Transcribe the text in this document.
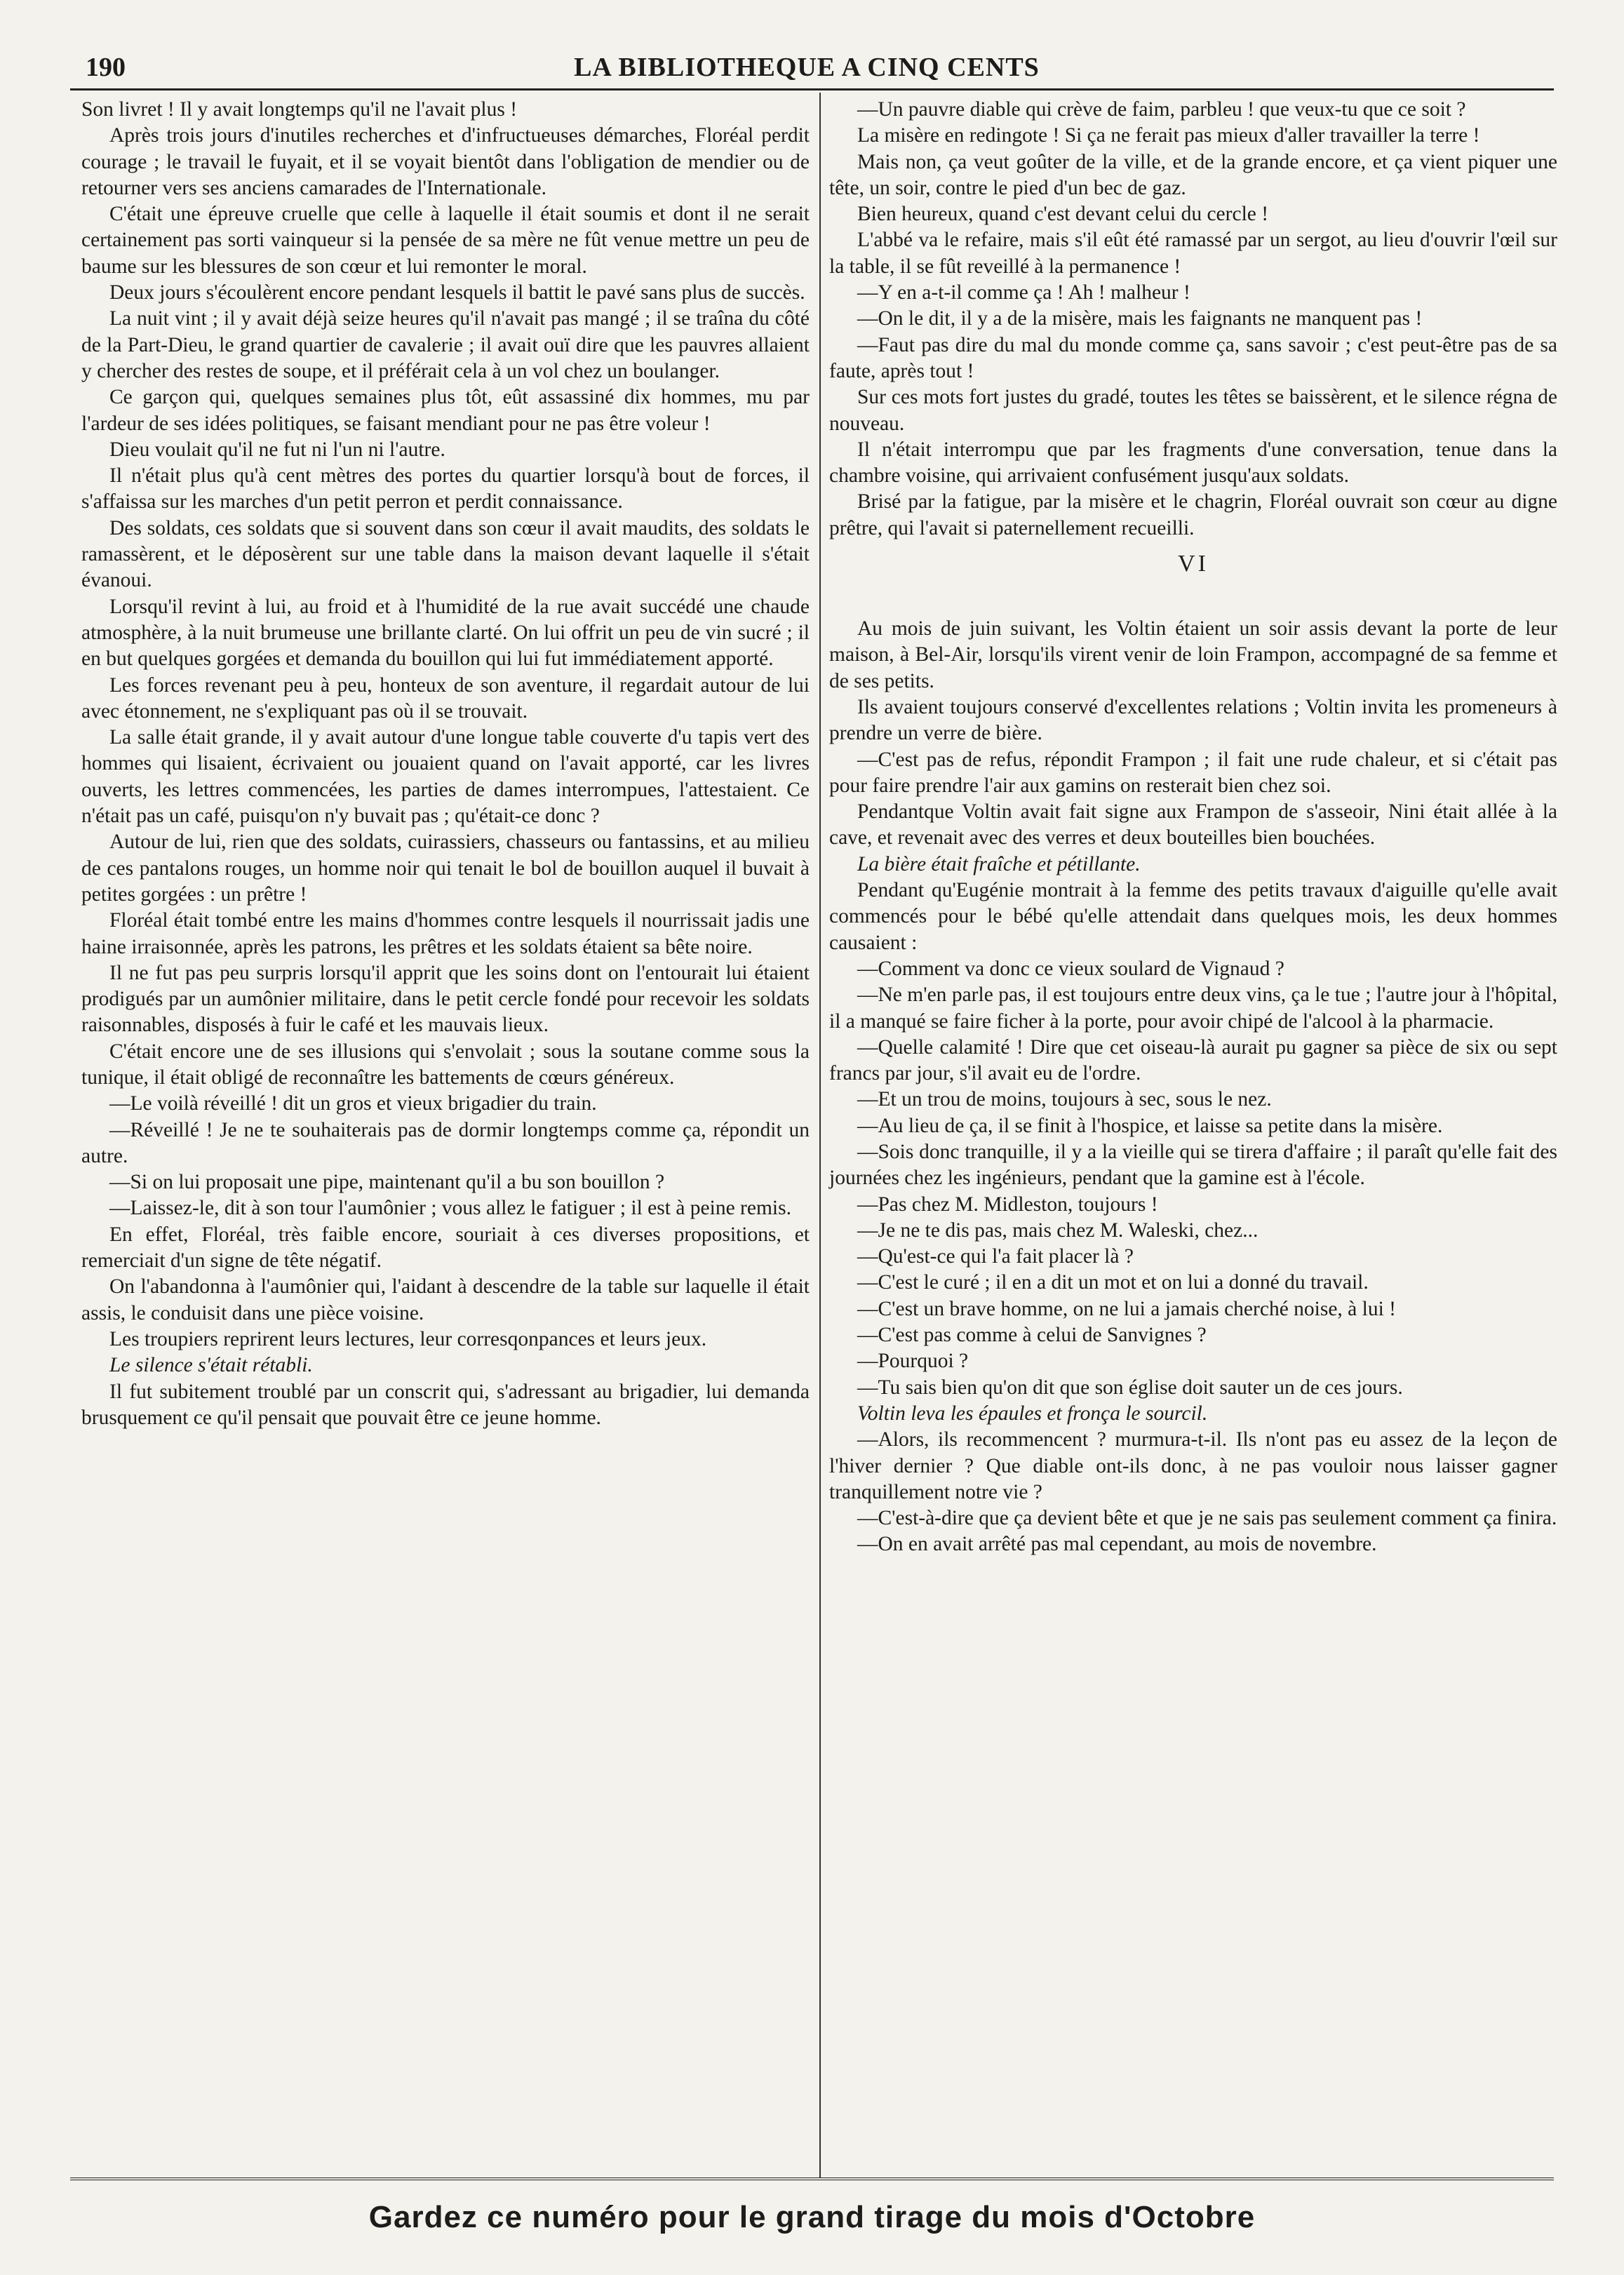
190	LA BIBLIOTHEQUE A CINQ CENTS

Son livret ! Il y avait longtemps qu'il ne l'avait plus !

Après trois jours d'inutiles recherches et d'infructueuses démarches, Floréal perdit courage ; le travail le fuyait, et il se voyait bientôt dans l'obligation de mendier ou de retourner vers ses anciens camarades de l'Internationale.

C'était une épreuve cruelle que celle à laquelle il était soumis et dont il ne serait certainement pas sorti vainqueur si la pensée de sa mère ne fût venue mettre un peu de baume sur les blessures de son cœur et lui remonter le moral.

Deux jours s'écoulèrent encore pendant lesquels il battit le pavé sans plus de succès.

La nuit vint ; il y avait déjà seize heures qu'il n'avait pas mangé ; il se traîna du côté de la Part-Dieu, le grand quartier de cavalerie ; il avait ouï dire que les pauvres allaient y chercher des restes de soupe, et il préférait cela à un vol chez un boulanger.

Ce garçon qui, quelques semaines plus tôt, eût assassiné dix hommes, mu par l'ardeur de ses idées politiques, se faisant mendiant pour ne pas être voleur !

Dieu voulait qu'il ne fut ni l'un ni l'autre.

Il n'était plus qu'à cent mètres des portes du quartier lorsqu'à bout de forces, il s'affaissa sur les marches d'un petit perron et perdit connaissance.

Des soldats, ces soldats que si souvent dans son cœur il avait maudits, des soldats le ramassèrent, et le déposèrent sur une table dans la maison devant laquelle il s'était évanoui.

Lorsqu'il revint à lui, au froid et à l'humidité de la rue avait succédé une chaude atmosphère, à la nuit brumeuse une brillante clarté. On lui offrit un peu de vin sucré ; il en but quelques gorgées et demanda du bouillon qui lui fut immédiatement apporté.

Les forces revenant peu à peu, honteux de son aventure, il regardait autour de lui avec étonnement, ne s'expliquant pas où il se trouvait.

La salle était grande, il y avait autour d'une longue table couverte d'u tapis vert des hommes qui lisaient, écrivaient ou jouaient quand on l'avait apporté, car les livres ouverts, les lettres commencées, les parties de dames interrompues, l'attestaient. Ce n'était pas un café, puisqu'on n'y buvait pas ; qu'était-ce donc ?

Autour de lui, rien que des soldats, cuirassiers, chasseurs ou fantassins, et au milieu de ces pantalons rouges, un homme noir qui tenait le bol de bouillon auquel il buvait à petites gorgées : un prêtre !

Floréal était tombé entre les mains d'hommes contre lesquels il nourrissait jadis une haine irraisonnée, après les patrons, les prêtres et les soldats étaient sa bête noire.

Il ne fut pas peu surpris lorsqu'il apprit que les soins dont on l'entourait lui étaient prodigués par un aumônier militaire, dans le petit cercle fondé pour recevoir les soldats raisonnables, disposés à fuir le café et les mauvais lieux.

C'était encore une de ses illusions qui s'envolait ; sous la soutane comme sous la tunique, il était obligé de reconnaître les battements de cœurs généreux.

—Le voilà réveillé ! dit un gros et vieux brigadier du train.

—Réveillé ! Je ne te souhaiterais pas de dormir longtemps comme ça, répondit un autre.

—Si on lui proposait une pipe, maintenant qu'il a bu son bouillon ?

—Laissez-le, dit à son tour l'aumônier ; vous allez le fatiguer ; il est à peine remis.

En effet, Floréal, très faible encore, souriait à ces diverses propositions, et remerciait d'un signe de tête négatif.

On l'abandonna à l'aumônier qui, l'aidant à descendre de la table sur laquelle il était assis, le conduisit dans une pièce voisine.

Les troupiers reprirent leurs lectures, leur corresqonpances et leurs jeux.

Le silence s'était rétabli.

Il fut subitement troublé par un conscrit qui, s'adressant au brigadier, lui demanda brusquement ce qu'il pensait que pouvait être ce jeune homme.

—Un pauvre diable qui crève de faim, parbleu ! que veux-tu que ce soit ?

La misère en redingote ! Si ça ne ferait pas mieux d'aller travailler la terre !

Mais non, ça veut goûter de la ville, et de la grande encore, et ça vient piquer une tête, un soir, contre le pied d'un bec de gaz.

Bien heureux, quand c'est devant celui du cercle !

L'abbé va le refaire, mais s'il eût été ramassé par un sergot, au lieu d'ouvrir l'œil sur la table, il se fût reveillé à la permanence !

—Y en a-t-il comme ça ! Ah ! malheur !

—On le dit, il y a de la misère, mais les faignants ne manquent pas !

—Faut pas dire du mal du monde comme ça, sans savoir ; c'est peut-être pas de sa faute, après tout !

Sur ces mots fort justes du gradé, toutes les têtes se baissèrent, et le silence régna de nouveau.

Il n'était interrompu que par les fragments d'une conversation, tenue dans la chambre voisine, qui arrivaient confusément jusqu'aux soldats.

Brisé par la fatigue, par la misère et le chagrin, Floréal ouvrait son cœur au digne prêtre, qui l'avait si paternellement recueilli.

VI

Au mois de juin suivant, les Voltin étaient un soir assis devant la porte de leur maison, à Bel-Air, lorsqu'ils virent venir de loin Frampon, accompagné de sa femme et de ses petits.

Ils avaient toujours conservé d'excellentes relations ; Voltin invita les promeneurs à prendre un verre de bière.

—C'est pas de refus, répondit Frampon ; il fait une rude chaleur, et si c'était pas pour faire prendre l'air aux gamins on resterait bien chez soi.

Pendantque Voltin avait fait signe aux Frampon de s'asseoir, Nini était allée à la cave, et revenait avec des verres et deux bouteilles bien bouchées.

La bière était fraîche et pétillante.

Pendant qu'Eugénie montrait à la femme des petits travaux d'aiguille qu'elle avait commencés pour le bébé qu'elle attendait dans quelques mois, les deux hommes causaient :

—Comment va donc ce vieux soulard de Vignaud ?

—Ne m'en parle pas, il est toujours entre deux vins, ça le tue ; l'autre jour à l'hôpital, il a manqué se faire ficher à la porte, pour avoir chipé de l'alcool à la pharmacie.

—Quelle calamité ! Dire que cet oiseau-là aurait pu gagner sa pièce de six ou sept francs par jour, s'il avait eu de l'ordre.

—Et un trou de moins, toujours à sec, sous le nez.

—Au lieu de ça, il se finit à l'hospice, et laisse sa petite dans la misère.

—Sois donc tranquille, il y a la vieille qui se tirera d'affaire ; il paraît qu'elle fait des journées chez les ingénieurs, pendant que la gamine est à l'école.

—Pas chez M. Midleston, toujours !

—Je ne te dis pas, mais chez M. Waleski, chez...

—Qu'est-ce qui l'a fait placer là ?

—C'est le curé ; il en a dit un mot et on lui a donné du travail.

—C'est un brave homme, on ne lui a jamais cherché noise, à lui !

—C'est pas comme à celui de Sanvignes ?

—Pourquoi ?

—Tu sais bien qu'on dit que son église doit sauter un de ces jours.

Voltin leva les épaules et fronça le sourcil.

—Alors, ils recommencent ? murmura-t-il. Ils n'ont pas eu assez de la leçon de l'hiver dernier ? Que diable ont-ils donc, à ne pas vouloir nous laisser gagner tranquillement notre vie ?

—C'est-à-dire que ça devient bête et que je ne sais pas seulement comment ça finira.

—On en avait arrêté pas mal cependant, au mois de novembre.

Gardez ce numéro pour le grand tirage du mois d'Octobre
